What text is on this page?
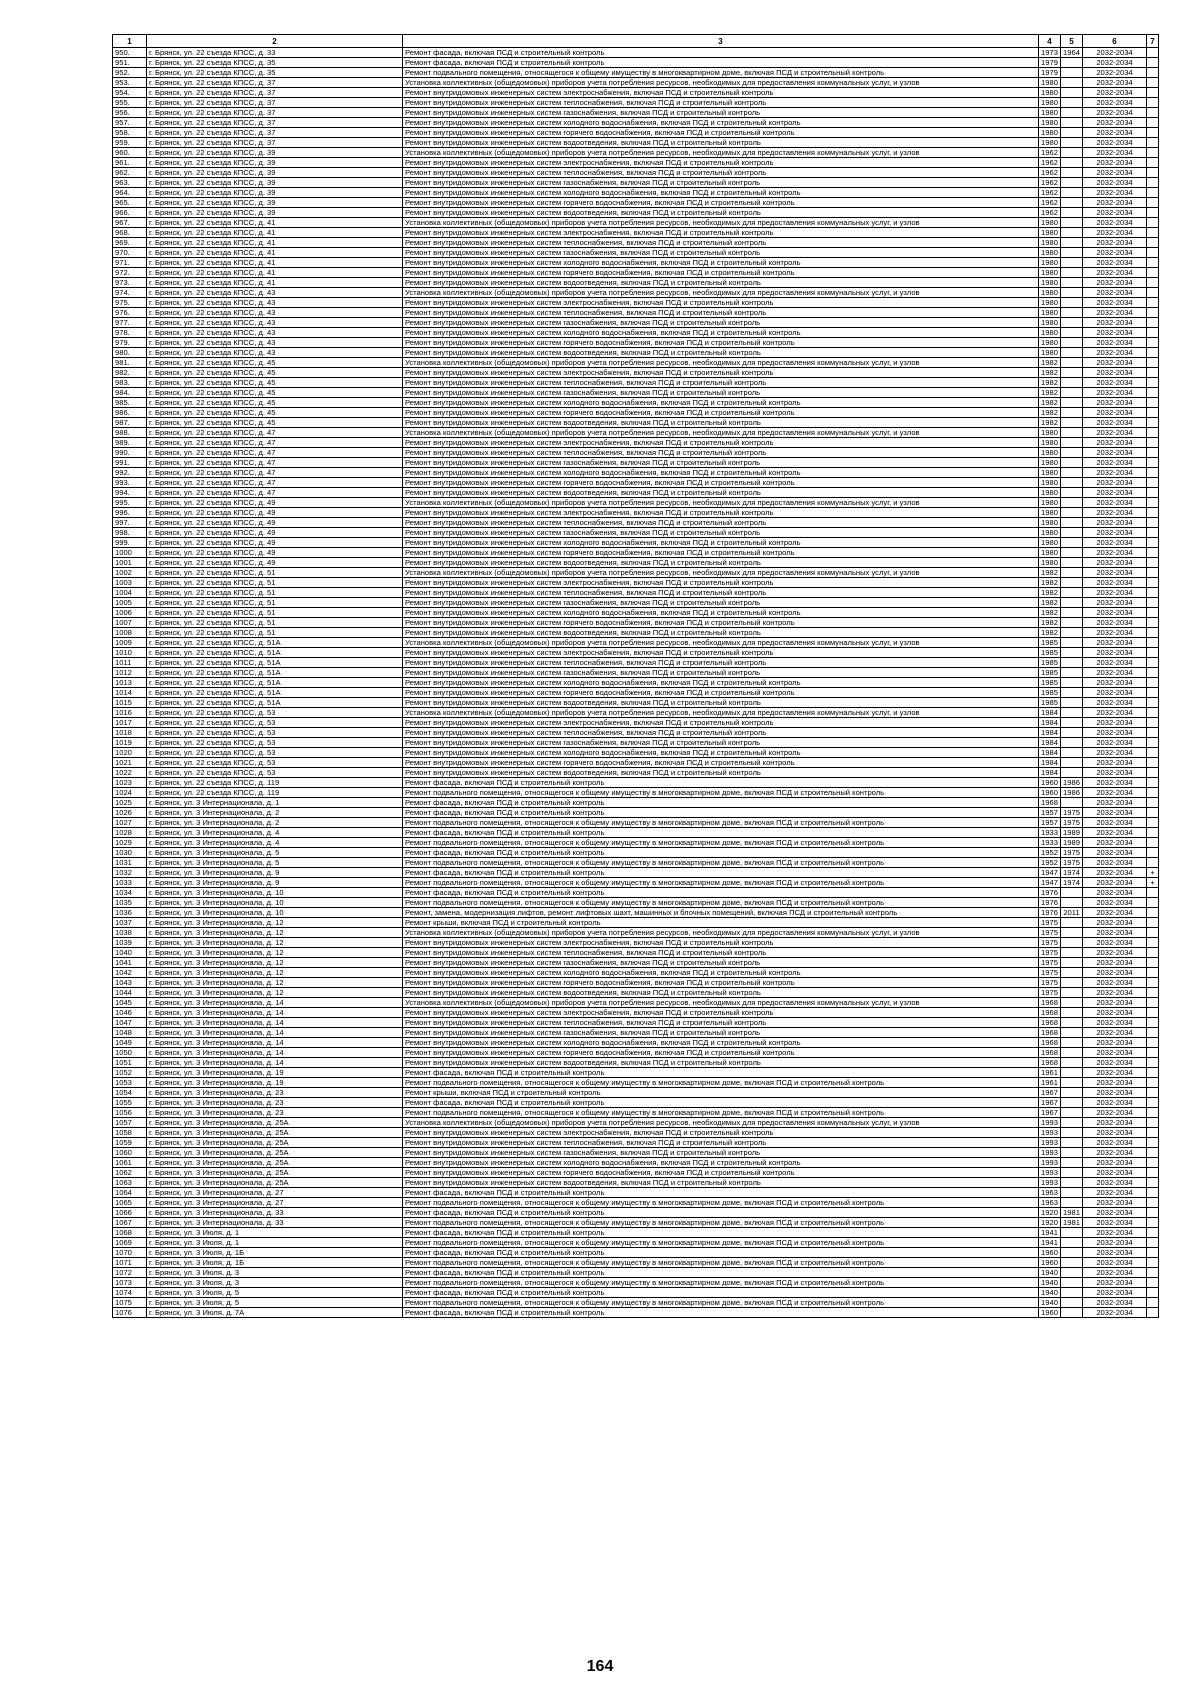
1	2	3	4	5	6	7
950.	г. Брянск, ул. 22 съезда КПСС, д. 33	Ремонт фасада, включая ПСД и строительный контроль	1973	1964	2032-2034	
951.	г. Брянск, ул. 22 съезда КПСС, д. 35	Ремонт фасада, включая ПСД и строительный контроль	1979		2032-2034	
952.	г. Брянск, ул. 22 съезда КПСС, д. 35	Ремонт подвального помещения, относящегося к общему имуществу в многоквартирном доме, включая ПСД и строительный контроль	1979		2032-2034	
953.	г. Брянск, ул. 22 съезда КПСС, д. 37	Установка коллективных (общедомовых) приборов учета потребления ресурсов, необходимых для предоставления коммунальных услуг, и узлов	1980		2032-2034	
954.	г. Брянск, ул. 22 съезда КПСС, д. 37	Ремонт внутридомовых инженерных систем электроснабжения, включая ПСД и строительный контроль	1980		2032-2034	
955.	г. Брянск, ул. 22 съезда КПСС, д. 37	Ремонт внутридомовых инженерных систем теплоснабжения, включая ПСД и строительный контроль	1980		2032-2034	
956.	г. Брянск, ул. 22 съезда КПСС, д. 37	Ремонт внутридомовых инженерных систем газоснабжения, включая ПСД и строительный контроль	1980		2032-2034	
957.	г. Брянск, ул. 22 съезда КПСС, д. 37	Ремонт внутридомовых инженерных систем холодного водоснабжения, включая ПСД и строительный контроль	1980		2032-2034	
958.	г. Брянск, ул. 22 съезда КПСС, д. 37	Ремонт внутридомовых инженерных систем горячего водоснабжения, включая ПСД и строительный контроль	1980		2032-2034	
959.	г. Брянск, ул. 22 съезда КПСС, д. 37	Ремонт внутридомовых инженерных систем водоотведения, включая ПСД и строительный контроль	1980		2032-2034	
960.	г. Брянск, ул. 22 съезда КПСС, д. 39	Установка коллективных (общедомовых) приборов учета потребления ресурсов, необходимых для предоставления коммунальных услуг, и узлов	1962		2032-2034	
961.	г. Брянск, ул. 22 съезда КПСС, д. 39	Ремонт внутридомовых инженерных систем электроснабжения, включая ПСД и строительный контроль	1962		2032-2034	
962.	г. Брянск, ул. 22 съезда КПСС, д. 39	Ремонт внутридомовых инженерных систем теплоснабжения, включая ПСД и строительный контроль	1962		2032-2034	
963.	г. Брянск, ул. 22 съезда КПСС, д. 39	Ремонт внутридомовых инженерных систем газоснабжения, включая ПСД и строительный контроль	1962		2032-2034	
964.	г. Брянск, ул. 22 съезда КПСС, д. 39	Ремонт внутридомовых инженерных систем холодного водоснабжения, включая ПСД и строительный контроль	1962		2032-2034	
965.	г. Брянск, ул. 22 съезда КПСС, д. 39	Ремонт внутридомовых инженерных систем горячего водоснабжения, включая ПСД и строительный контроль	1962		2032-2034	
966.	г. Брянск, ул. 22 съезда КПСС, д. 39	Ремонт внутридомовых инженерных систем водоотведения, включая ПСД и строительный контроль	1962		2032-2034	
967.	г. Брянск, ул. 22 съезда КПСС, д. 41	Установка коллективных (общедомовых) приборов учета потребления ресурсов, необходимых для предоставления коммунальных услуг, и узлов	1980		2032-2034	
968.	г. Брянск, ул. 22 съезда КПСС, д. 41	Ремонт внутридомовых инженерных систем электроснабжения, включая ПСД и строительный контроль	1980		2032-2034	
969.	г. Брянск, ул. 22 съезда КПСС, д. 41	Ремонт внутридомовых инженерных систем теплоснабжения, включая ПСД и строительный контроль	1980		2032-2034	
970.	г. Брянск, ул. 22 съезда КПСС, д. 41	Ремонт внутридомовых инженерных систем газоснабжения, включая ПСД и строительный контроль	1980		2032-2034	
971.	г. Брянск, ул. 22 съезда КПСС, д. 41	Ремонт внутридомовых инженерных систем холодного водоснабжения, включая ПСД и строительный контроль	1980		2032-2034	
972.	г. Брянск, ул. 22 съезда КПСС, д. 41	Ремонт внутридомовых инженерных систем горячего водоснабжения, включая ПСД и строительный контроль	1980		2032-2034	
973.	г. Брянск, ул. 22 съезда КПСС, д. 41	Ремонт внутридомовых инженерных систем водоотведения, включая ПСД и строительный контроль	1980		2032-2034	
974.	г. Брянск, ул. 22 съезда КПСС, д. 43	Установка коллективных (общедомовых) приборов учета потребления ресурсов, необходимых для предоставления коммунальных услуг, и узлов	1980		2032-2034	
975.	г. Брянск, ул. 22 съезда КПСС, д. 43	Ремонт внутридомовых инженерных систем электроснабжения, включая ПСД и строительный контроль	1980		2032-2034	
976.	г. Брянск, ул. 22 съезда КПСС, д. 43	Ремонт внутридомовых инженерных систем теплоснабжения, включая ПСД и строительный контроль	1980		2032-2034	
977.	г. Брянск, ул. 22 съезда КПСС, д. 43	Ремонт внутридомовых инженерных систем газоснабжения, включая ПСД и строительный контроль	1980		2032-2034	
978.	г. Брянск, ул. 22 съезда КПСС, д. 43	Ремонт внутридомовых инженерных систем холодного водоснабжения, включая ПСД и строительный контроль	1980		2032-2034	
979.	г. Брянск, ул. 22 съезда КПСС, д. 43	Ремонт внутридомовых инженерных систем горячего водоснабжения, включая ПСД и строительный контроль	1980		2032-2034	
980.	г. Брянск, ул. 22 съезда КПСС, д. 43	Ремонт внутридомовых инженерных систем водоотведения, включая ПСД и строительный контроль	1980		2032-2034	
981.	г. Брянск, ул. 22 съезда КПСС, д. 45	Установка коллективных (общедомовых) приборов учета потребления ресурсов, необходимых для предоставления коммунальных услуг, и узлов	1982		2032-2034	
982.	г. Брянск, ул. 22 съезда КПСС, д. 45	Ремонт внутридомовых инженерных систем электроснабжения, включая ПСД и строительный контроль	1982		2032-2034	
983.	г. Брянск, ул. 22 съезда КПСС, д. 45	Ремонт внутридомовых инженерных систем теплоснабжения, включая ПСД и строительный контроль	1982		2032-2034	
984.	г. Брянск, ул. 22 съезда КПСС, д. 45	Ремонт внутридомовых инженерных систем газоснабжения, включая ПСД и строительный контроль	1982		2032-2034	
985.	г. Брянск, ул. 22 съезда КПСС, д. 45	Ремонт внутридомовых инженерных систем холодного водоснабжения, включая ПСД и строительный контроль	1982		2032-2034	
986.	г. Брянск, ул. 22 съезда КПСС, д. 45	Ремонт внутридомовых инженерных систем горячего водоснабжения, включая ПСД и строительный контроль	1982		2032-2034	
987.	г. Брянск, ул. 22 съезда КПСС, д. 45	Ремонт внутридомовых инженерных систем водоотведения, включая ПСД и строительный контроль	1982		2032-2034	
988.	г. Брянск, ул. 22 съезда КПСС, д. 47	Установка коллективных (общедомовых) приборов учета потребления ресурсов, необходимых для предоставления коммунальных услуг, и узлов	1980		2032-2034	
989.	г. Брянск, ул. 22 съезда КПСС, д. 47	Ремонт внутридомовых инженерных систем электроснабжения, включая ПСД и строительный контроль	1980		2032-2034	
990.	г. Брянск, ул. 22 съезда КПСС, д. 47	Ремонт внутридомовых инженерных систем теплоснабжения, включая ПСД и строительный контроль	1980		2032-2034	
991.	г. Брянск, ул. 22 съезда КПСС, д. 47	Ремонт внутридомовых инженерных систем газоснабжения, включая ПСД и строительный контроль	1980		2032-2034	
992.	г. Брянск, ул. 22 съезда КПСС, д. 47	Ремонт внутридомовых инженерных систем холодного водоснабжения, включая ПСД и строительный контроль	1980		2032-2034	
993.	г. Брянск, ул. 22 съезда КПСС, д. 47	Ремонт внутридомовых инженерных систем горячего водоснабжения, включая ПСД и строительный контроль	1980		2032-2034	
994.	г. Брянск, ул. 22 съезда КПСС, д. 47	Ремонт внутридомовых инженерных систем водоотведения, включая ПСД и строительный контроль	1980		2032-2034	
995.	г. Брянск, ул. 22 съезда КПСС, д. 49	Установка коллективных (общедомовых) приборов учета потребления ресурсов, необходимых для предоставления коммунальных услуг, и узлов	1980		2032-2034	
996.	г. Брянск, ул. 22 съезда КПСС, д. 49	Ремонт внутридомовых инженерных систем электроснабжения, включая ПСД и строительный контроль	1980		2032-2034	
997.	г. Брянск, ул. 22 съезда КПСС, д. 49	Ремонт внутридомовых инженерных систем теплоснабжения, включая ПСД и строительный контроль	1980		2032-2034	
998.	г. Брянск, ул. 22 съезда КПСС, д. 49	Ремонт внутридомовых инженерных систем газоснабжения, включая ПСД и строительный контроль	1980		2032-2034	
999.	г. Брянск, ул. 22 съезда КПСС, д. 49	Ремонт внутридомовых инженерных систем холодного водоснабжения, включая ПСД и строительный контроль	1980		2032-2034	
1000	г. Брянск, ул. 22 съезда КПСС, д. 49	Ремонт внутридомовых инженерных систем горячего водоснабжения, включая ПСД и строительный контроль	1980		2032-2034	
1001	г. Брянск, ул. 22 съезда КПСС, д. 49	Ремонт внутридомовых инженерных систем водоотведения, включая ПСД и строительный контроль	1980		2032-2034	
1002	г. Брянск, ул. 22 съезда КПСС, д. 51	Установка коллективных (общедомовых) приборов учета потребления ресурсов, необходимых для предоставления коммунальных услуг, и узлов	1982		2032-2034	
1003	г. Брянск, ул. 22 съезда КПСС, д. 51	Ремонт внутридомовых инженерных систем электроснабжения, включая ПСД и строительный контроль	1982		2032-2034	
1004	г. Брянск, ул. 22 съезда КПСС, д. 51	Ремонт внутридомовых инженерных систем теплоснабжения, включая ПСД и строительный контроль	1982		2032-2034	
1005	г. Брянск, ул. 22 съезда КПСС, д. 51	Ремонт внутридомовых инженерных систем газоснабжения, включая ПСД и строительный контроль	1982		2032-2034	
1006	г. Брянск, ул. 22 съезда КПСС, д. 51	Ремонт внутридомовых инженерных систем холодного водоснабжения, включая ПСД и строительный контроль	1982		2032-2034	
1007	г. Брянск, ул. 22 съезда КПСС, д. 51	Ремонт внутридомовых инженерных систем горячего водоснабжения, включая ПСД и строительный контроль	1982		2032-2034	
1008	г. Брянск, ул. 22 съезда КПСС, д. 51	Ремонт внутридомовых инженерных систем водоотведения, включая ПСД и строительный контроль	1982		2032-2034	
1009	г. Брянск, ул. 22 съезда КПСС, д. 51А	Установка коллективных (общедомовых) приборов учета потребления ресурсов, необходимых для предоставления коммунальных услуг, и узлов	1985		2032-2034	
1010	г. Брянск, ул. 22 съезда КПСС, д. 51А	Ремонт внутридомовых инженерных систем электроснабжения, включая ПСД и строительный контроль	1985		2032-2034	
1011	г. Брянск, ул. 22 съезда КПСС, д. 51А	Ремонт внутридомовых инженерных систем теплоснабжения, включая ПСД и строительный контроль	1985		2032-2034	
1012	г. Брянск, ул. 22 съезда КПСС, д. 51А	Ремонт внутридомовых инженерных систем газоснабжения, включая ПСД и строительный контроль	1985		2032-2034	
1013	г. Брянск, ул. 22 съезда КПСС, д. 51А	Ремонт внутридомовых инженерных систем холодного водоснабжения, включая ПСД и строительный контроль	1985		2032-2034	
1014	г. Брянск, ул. 22 съезда КПСС, д. 51А	Ремонт внутридомовых инженерных систем горячего водоснабжения, включая ПСД и строительный контроль	1985		2032-2034	
1015	г. Брянск, ул. 22 съезда КПСС, д. 51А	Ремонт внутридомовых инженерных систем водоотведения, включая ПСД и строительный контроль	1985		2032-2034	
1016	г. Брянск, ул. 22 съезда КПСС, д. 53	Установка коллективных (общедомовых) приборов учета потребления ресурсов, необходимых для предоставления коммунальных услуг, и узлов	1984		2032-2034	
1017	г. Брянск, ул. 22 съезда КПСС, д. 53	Ремонт внутридомовых инженерных систем электроснабжения, включая ПСД и строительный контроль	1984		2032-2034	
1018	г. Брянск, ул. 22 съезда КПСС, д. 53	Ремонт внутридомовых инженерных систем теплоснабжения, включая ПСД и строительный контроль	1984		2032-2034	
1019	г. Брянск, ул. 22 съезда КПСС, д. 53	Ремонт внутридомовых инженерных систем газоснабжения, включая ПСД и строительный контроль	1984		2032-2034	
1020	г. Брянск, ул. 22 съезда КПСС, д. 53	Ремонт внутридомовых инженерных систем холодного водоснабжения, включая ПСД и строительный контроль	1984		2032-2034	
1021	г. Брянск, ул. 22 съезда КПСС, д. 53	Ремонт внутридомовых инженерных систем горячего водоснабжения, включая ПСД и строительный контроль	1984		2032-2034	
1022	г. Брянск, ул. 22 съезда КПСС, д. 53	Ремонт внутридомовых инженерных систем водоотведения, включая ПСД и строительный контроль	1984		2032-2034	
1023	г. Брянск, ул. 22 съезда КПСС, д. 119	Ремонт фасада, включая ПСД и строительный контроль	1960	1986	2032-2034	
1024	г. Брянск, ул. 22 съезда КПСС, д. 119	Ремонт подвального помещения, относящегося к общему имуществу в многоквартирном доме, включая ПСД и строительный контроль	1960	1986	2032-2034	
1025	г. Брянск, ул. 3 Интернационала, д. 1	Ремонт фасада, включая ПСД и строительный контроль	1968		2032-2034	
1026	г. Брянск, ул. 3 Интернационала, д. 2	Ремонт фасада, включая ПСД и строительный контроль	1957	1975	2032-2034	
1027	г. Брянск, ул. 3 Интернационала, д. 2	Ремонт подвального помещения, относящегося к общему имуществу в многоквартирном доме, включая ПСД и строительный контроль	1957	1975	2032-2034	
1028	г. Брянск, ул. 3 Интернационала, д. 4	Ремонт фасада, включая ПСД и строительный контроль	1933	1989	2032-2034	
1029	г. Брянск, ул. 3 Интернационала, д. 4	Ремонт подвального помещения, относящегося к общему имуществу в многоквартирном доме, включая ПСД и строительный контроль	1933	1989	2032-2034	
1030	г. Брянск, ул. 3 Интернационала, д. 5	Ремонт фасада, включая ПСД и строительный контроль	1952	1975	2032-2034	
1031	г. Брянск, ул. 3 Интернационала, д. 5	Ремонт подвального помещения, относящегося к общему имуществу в многоквартирном доме, включая ПСД и строительный контроль	1952	1975	2032-2034	
1032	г. Брянск, ул. 3 Интернационала, д. 9	Ремонт фасада, включая ПСД и строительный контроль	1947	1974	2032-2034	+
1033	г. Брянск, ул. 3 Интернационала, д. 9	Ремонт подвального помещения, относящегося к общему имуществу в многоквартирном доме, включая ПСД и строительный контроль	1947	1974	2032-2034	+
1034	г. Брянск, ул. 3 Интернационала, д. 10	Ремонт фасада, включая ПСД и строительный контроль	1976		2032-2034	
1035	г. Брянск, ул. 3 Интернационала, д. 10	Ремонт подвального помещения, относящегося к общему имуществу в многоквартирном доме, включая ПСД и строительный контроль	1976		2032-2034	
1036	г. Брянск, ул. 3 Интернационала, д. 10	Ремонт, замена, модернизация лифтов, ремонт лифтовых шахт, машинных и блочных помещений, включая ПСД и строительный контроль	1976	2011	2032-2034	
1037	г. Брянск, ул. 3 Интернационала, д. 12	Ремонт крыши, включая ПСД и строительный контроль	1975		2032-2034	
1038	г. Брянск, ул. 3 Интернационала, д. 12	Установка коллективных (общедомовых) приборов учета потребления ресурсов, необходимых для предоставления коммунальных услуг, и узлов	1975		2032-2034	
1039	г. Брянск, ул. 3 Интернационала, д. 12	Ремонт внутридомовых инженерных систем электроснабжения, включая ПСД и строительный контроль	1975		2032-2034	
1040	г. Брянск, ул. 3 Интернационала, д. 12	Ремонт внутридомовых инженерных систем теплоснабжения, включая ПСД и строительный контроль	1975		2032-2034	
1041	г. Брянск, ул. 3 Интернационала, д. 12	Ремонт внутридомовых инженерных систем газоснабжения, включая ПСД и строительный контроль	1975		2032-2034	
1042	г. Брянск, ул. 3 Интернационала, д. 12	Ремонт внутридомовых инженерных систем холодного водоснабжения, включая ПСД и строительный контроль	1975		2032-2034	
1043	г. Брянск, ул. 3 Интернационала, д. 12	Ремонт внутридомовых инженерных систем горячего водоснабжения, включая ПСД и строительный контроль	1975		2032-2034	
1044	г. Брянск, ул. 3 Интернационала, д. 12	Ремонт внутридомовых инженерных систем водоотведения, включая ПСД и строительный контроль	1975		2032-2034	
1045	г. Брянск, ул. 3 Интернационала, д. 14	Установка коллективных (общедомовых) приборов учета потребления ресурсов, необходимых для предоставления коммунальных услуг, и узлов	1968		2032-2034	
1046	г. Брянск, ул. 3 Интернационала, д. 14	Ремонт внутридомовых инженерных систем электроснабжения, включая ПСД и строительный контроль	1968		2032-2034	
1047	г. Брянск, ул. 3 Интернационала, д. 14	Ремонт внутридомовых инженерных систем теплоснабжения, включая ПСД и строительный контроль	1968		2032-2034	
1048	г. Брянск, ул. 3 Интернационала, д. 14	Ремонт внутридомовых инженерных систем газоснабжения, включая ПСД и строительный контроль	1968		2032-2034	
1049	г. Брянск, ул. 3 Интернационала, д. 14	Ремонт внутридомовых инженерных систем холодного водоснабжения, включая ПСД и строительный контроль	1968		2032-2034	
1050	г. Брянск, ул. 3 Интернационала, д. 14	Ремонт внутридомовых инженерных систем горячего водоснабжения, включая ПСД и строительный контроль	1968		2032-2034	
1051	г. Брянск, ул. 3 Интернационала, д. 14	Ремонт внутридомовых инженерных систем водоотведения, включая ПСД и строительный контроль	1968		2032-2034	
1052	г. Брянск, ул. 3 Интернационала, д. 19	Ремонт фасада, включая ПСД и строительный контроль	1961		2032-2034	
1053	г. Брянск, ул. 3 Интернационала, д. 19	Ремонт подвального помещения, относящегося к общему имуществу в многоквартирном доме, включая ПСД и строительный контроль	1961		2032-2034	
1054	г. Брянск, ул. 3 Интернационала, д. 23	Ремонт крыши, включая ПСД и строительный контроль	1967		2032-2034	
1055	г. Брянск, ул. 3 Интернационала, д. 23	Ремонт фасада, включая ПСД и строительный контроль	1967		2032-2034	
1056	г. Брянск, ул. 3 Интернационала, д. 23	Ремонт подвального помещения, относящегося к общему имуществу в многоквартирном доме, включая ПСД и строительный контроль	1967		2032-2034	
1057	г. Брянск, ул. 3 Интернационала, д. 25А	Установка коллективных (общедомовых) приборов учета потребления ресурсов, необходимых для предоставления коммунальных услуг, и узлов	1993		2032-2034	
1058	г. Брянск, ул. 3 Интернационала, д. 25А	Ремонт внутридомовых инженерных систем электроснабжения, включая ПСД и строительный контроль	1993		2032-2034	
1059	г. Брянск, ул. 3 Интернационала, д. 25А	Ремонт внутридомовых инженерных систем теплоснабжения, включая ПСД и строительный контроль	1993		2032-2034	
1060	г. Брянск, ул. 3 Интернационала, д. 25А	Ремонт внутридомовых инженерных систем газоснабжения, включая ПСД и строительный контроль	1993		2032-2034	
1061	г. Брянск, ул. 3 Интернационала, д. 25А	Ремонт внутридомовых инженерных систем холодного водоснабжения, включая ПСД и строительный контроль	1993		2032-2034	
1062	г. Брянск, ул. 3 Интернационала, д. 25А	Ремонт внутридомовых инженерных систем горячего водоснабжения, включая ПСД и строительный контроль	1993		2032-2034	
1063	г. Брянск, ул. 3 Интернационала, д. 25А	Ремонт внутридомовых инженерных систем водоотведения, включая ПСД и строительный контроль	1993		2032-2034	
1064	г. Брянск, ул. 3 Интернационала, д. 27	Ремонт фасада, включая ПСД и строительный контроль	1963		2032-2034	
1065	г. Брянск, ул. 3 Интернационала, д. 27	Ремонт подвального помещения, относящегося к общему имуществу в многоквартирном доме, включая ПСД и строительный контроль	1963		2032-2034	
1066	г. Брянск, ул. 3 Интернационала, д. 33	Ремонт фасада, включая ПСД и строительный контроль	1920	1981	2032-2034	
1067	г. Брянск, ул. 3 Интернационала, д. 33	Ремонт подвального помещения, относящегося к общему имуществу в многоквартирном доме, включая ПСД и строительный контроль	1920	1981	2032-2034	
1068	г. Брянск, ул. 3 Июля, д. 1	Ремонт фасада, включая ПСД и строительный контроль	1941		2032-2034	
1069	г. Брянск, ул. 3 Июля, д. 1	Ремонт подвального помещения, относящегося к общему имуществу в многоквартирном доме, включая ПСД и строительный контроль	1941		2032-2034	
1070	г. Брянск, ул. 3 Июля, д. 1Б	Ремонт фасада, включая ПСД и строительный контроль	1960		2032-2034	
1071	г. Брянск, ул. 3 Июля, д. 1Б	Ремонт подвального помещения, относящегося к общему имуществу в многоквартирном доме, включая ПСД и строительный контроль	1960		2032-2034	
1072	г. Брянск, ул. 3 Июля, д. 3	Ремонт фасада, включая ПСД и строительный контроль	1940		2032-2034	
1073	г. Брянск, ул. 3 Июля, д. 3	Ремонт подвального помещения, относящегося к общему имуществу в многоквартирном доме, включая ПСД и строительный контроль	1940		2032-2034	
1074	г. Брянск, ул. 3 Июля, д. 5	Ремонт фасада, включая ПСД и строительный контроль	1940		2032-2034	
1075	г. Брянск, ул. 3 Июля, д. 5	Ремонт подвального помещения, относящегося к общему имуществу в многоквартирном доме, включая ПСД и строительный контроль	1940		2032-2034	
1076	г. Брянск, ул. 3 Июля, д. 7А	Ремонт фасада, включая ПСД и строительный контроль	1960		2032-2034	
164
